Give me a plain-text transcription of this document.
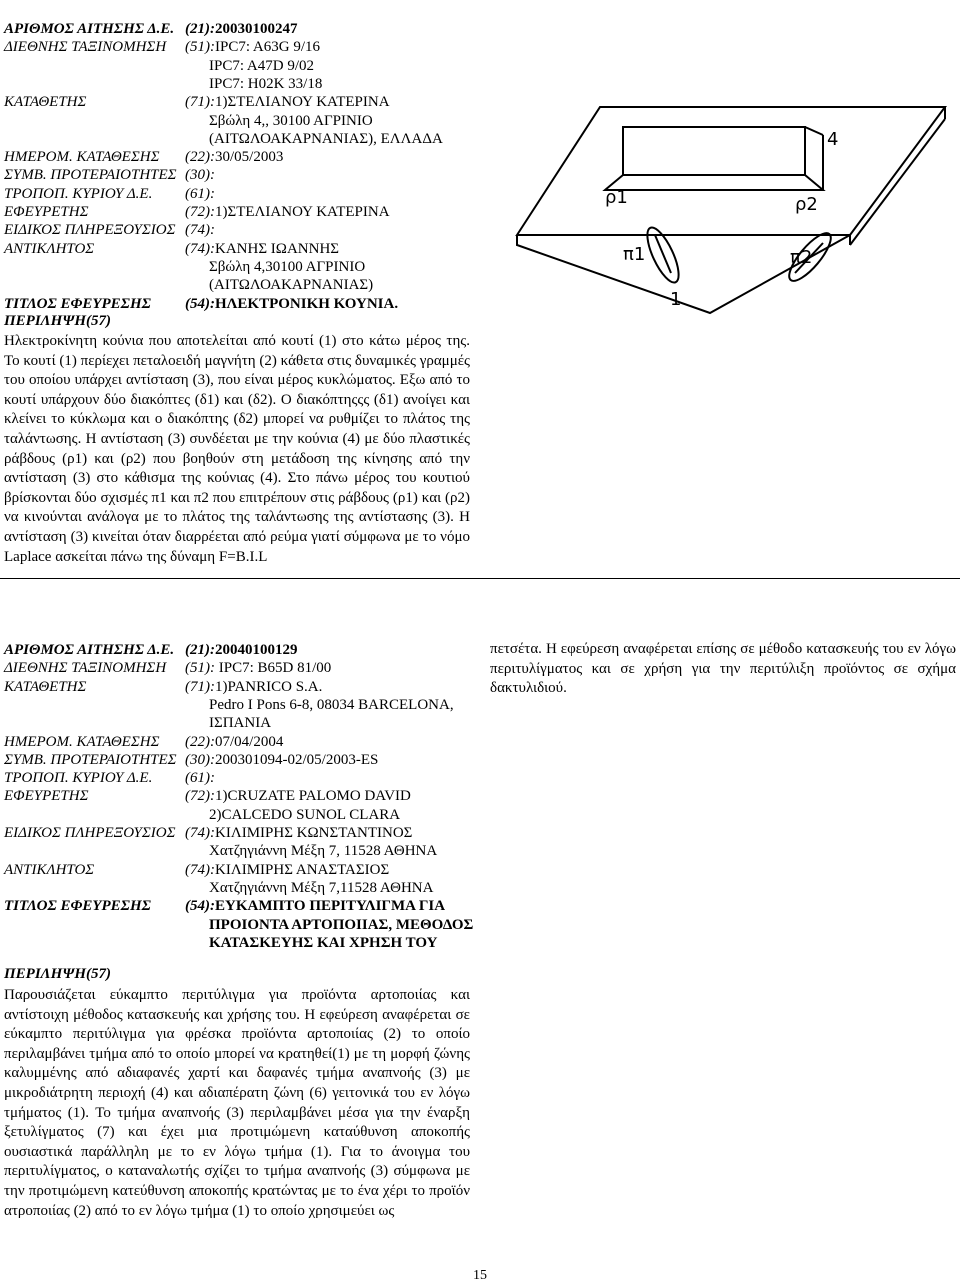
ΑΡΙΘΜΟΣ ΑΙΤΗΣΗΣ Δ.Ε. (21):20030100247
ΔΙΕΘΝΗΣ ΤΑΞΙΝΟΜΗΣΗ (51):IPC7: A63G 9/16
IPC7: A47D 9/02
IPC7: H02K 33/18
ΚΑΤΑΘΕΤΗΣ	(71):1)ΣΤΕΛΙΑΝΟΥ ΚΑΤΕΡΙΝΑ
Σβώλη 4,, 30100 ΑΓΡΙΝΙΟ
(ΑΙΤΩΛΟΑΚΑΡΝΑΝΙΑΣ), ΕΛΛΑΔΑ
ΗΜΕΡΟΜ. ΚΑΤΑΘΕΣΗΣ (22):30/05/2003
ΣΥΜΒ. ΠΡΟΤΕΡΑΙΟΤΗΤΕΣ (30):
ΤΡΟΠΟΠ. ΚΥΡΙΟΥ Δ.Ε. (61):
ΕΦΕΥΡΕΤΗΣ	(72):1)ΣΤΕΛΙΑΝΟΥ ΚΑΤΕΡΙΝΑ
ΕΙΔΙΚΟΣ ΠΛΗΡΕΞΟΥΣΙΟΣ (74):
ΑΝΤΙΚΛΗΤΟΣ	(74):ΚΑΝΗΣ ΙΩΑΝΝΗΣ
Σβώλη 4,30100 ΑΓΡΙΝΙΟ
(ΑΙΤΩΛΟΑΚΑΡΝΑΝΙΑΣ)
ΤΙΤΛΟΣ ΕΦΕΥΡΕΣΗΣ (54):ΗΛΕΚΤΡΟΝΙΚΗ ΚΟΥΝΙΑ.
ΠΕΡΙΛΗΨΗ(57)
Ηλεκτροκίνητη κούνια που αποτελείται από κουτί (1) στο κάτω μέρος της. Το κουτί (1) περίεχει πεταλοειδή μαγνήτη (2) κάθετα στις δυναμικές γραμμές του οποίου υπάρχει αντίσταση (3), που είναι μέρος κυκλώματος. Εξω από το κουτί υπάρχουν δύο διακόπτες (δ1) και (δ2). Ο διακόπτηςςς (δ1) ανοίγει και κλείνει το κύκλωμα και ο διακόπτης (δ2) μπορεί να ρυθμίζει το πλάτος της ταλάντωσης. Η αντίσταση (3) συνδέεται με την κούνια (4) με δύο πλαστικές ράβδους (ρ1) και (ρ2) που βοηθούν στη μετάδοση της κίνησης από την αντίσταση (3) στο κάθισμα της κούνιας (4). Στο πάνω μέρος του κουτιού βρίσκονται δύο σχισμές π1 και π2 που επιτρέπουν στις ράβδους (ρ1) και (ρ2) να κινούνται ανάλογα με το πλάτος της ταλάντωσης της αντίστασης (3). Η αντίσταση (3) κινείται όταν διαρρέεται από ρεύμα γιατί σύμφωνα με το νόμο Laplace ασκείται πάνω της δύναμη F=B.I.L
4
ρ1	ρ2
π1	π2
1
ΑΡΙΘΜΟΣ ΑΙΤΗΣΗΣ Δ.Ε. (21):20040100129
ΔΙΕΘΝΗΣ ΤΑΞΙΝΟΜΗΣΗ (51): IPC7: B65D 81/00
ΚΑΤΑΘΕΤΗΣ	(71):1)PANRICO S.A.
Pedro I Pons 6-8, 08034 BARCELONA,
ΙΣΠΑΝΙΑ
ΗΜΕΡΟΜ. ΚΑΤΑΘΕΣΗΣ (22):07/04/2004
ΣΥΜΒ. ΠΡΟΤΕΡΑΙΟΤΗΤΕΣ (30):200301094-02/05/2003-ES
ΤΡΟΠΟΠ. ΚΥΡΙΟΥ Δ.Ε. (61):
ΕΦΕΥΡΕΤΗΣ	(72):1)CRUZATE PALOMO DAVID
2)CALCEDO SUNOL CLARA
ΕΙΔΙΚΟΣ ΠΛΗΡΕΞΟΥΣΙΟΣ (74):ΚΙΛΙΜΙΡΗΣ ΚΩΝΣΤΑΝΤΙΝΟΣ
Χατζηγιάννη Μέξη 7, 11528 ΑΘΗΝΑ
ΑΝΤΙΚΛΗΤΟΣ	(74):ΚΙΛΙΜΙΡΗΣ ΑΝΑΣΤΑΣΙΟΣ
Χατζηγιάννη Μέξη 7,11528 ΑΘΗΝΑ
ΤΙΤΛΟΣ ΕΦΕΥΡΕΣΗΣ (54):ΕΥΚΑΜΠΤΟ ΠΕΡΙΤΥΛΙΓΜΑ ΓΙΑ
ΠΡΟΙΟΝΤΑ ΑΡΤΟΠΟΙΙΑΣ, ΜΕΘΟΔΟΣ
ΚΑΤΑΣΚΕΥΗΣ ΚΑΙ ΧΡΗΣΗ ΤΟΥ
ΠΕΡΙΛΗΨΗ(57)
Παρουσιάζεται εύκαμπτο περιτύλιγμα για προϊόντα αρτοποιίας και αντίστοιχη μέθοδος κατασκευής και χρήσης του. Η εφεύρεση αναφέρεται σε εύκαμπτο περιτύλιγμα για φρέσκα προϊόντα αρτοποιίας (2) το οποίο περιλαμβάνει τμήμα από το οποίο μπορεί να κρατηθεί(1) με τη μορφή ζώνης καλυμμένης από αδιαφανές χαρτί και δαφανές τμήμα αναπνοής (3) με μικροδιάτρητη περιοχή (4) και αδιαπέρατη ζώνη (6) γειτονικά του εν λόγω τμήματος (1). Το τμήμα αναπνοής (3) περιλαμβάνει μέσα για την έναρξη ξετυλίγματος (7) και έχει μια προτιμώμενη καταύθυνση αποκοπής ουσιαστικά παράλληλη με το εν λόγω τμήμα (1). Για το άνοιγμα του περιτυλίγματος, ο καταναλωτής σχίζει το τμήμα αναπνοής (3) σύμφωνα με την προτιμώμενη κατεύθυνση αποκοπής κρατώντας με το ένα χέρι το προϊόν ατροποιίας (2) από το εν λόγω τμήμα (1) το οποίο χρησιμεύει ως
πετσέτα. Η εφεύρεση αναφέρεται επίσης σε μέθοδο κατασκευής του εν λόγω περιτυλίγματος και σε χρήση για την περιτύλιξη προϊόντος σε σχήμα δακτυλιδιού.
15
